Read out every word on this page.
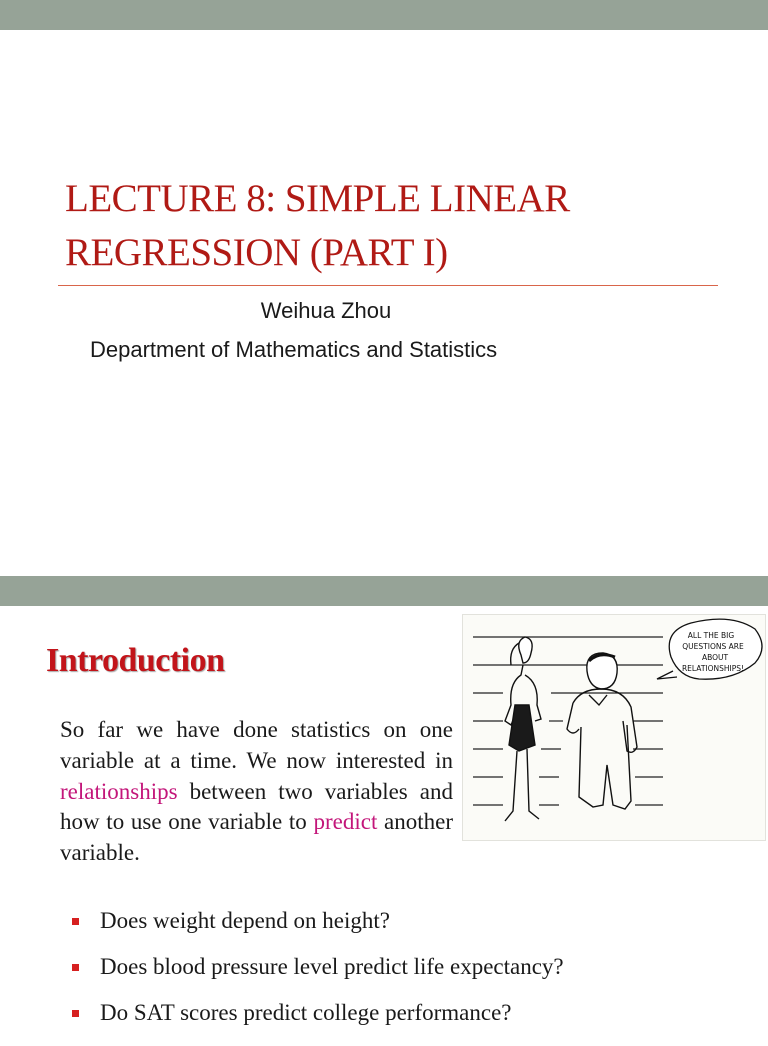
LECTURE 8: SIMPLE LINEAR
REGRESSION (PART I)
Weihua Zhou
Department of Mathematics and Statistics
Introduction
So far we have done statistics on one variable at a time. We now interested in relationships between two variables and how to use one variable to predict another variable.
ALL THE BIG
QUESTIONS ARE
ABOUT
RELATIONSHIPS!
Does weight depend on height?
Does blood pressure level predict life expectancy?
Do SAT scores predict college performance?
